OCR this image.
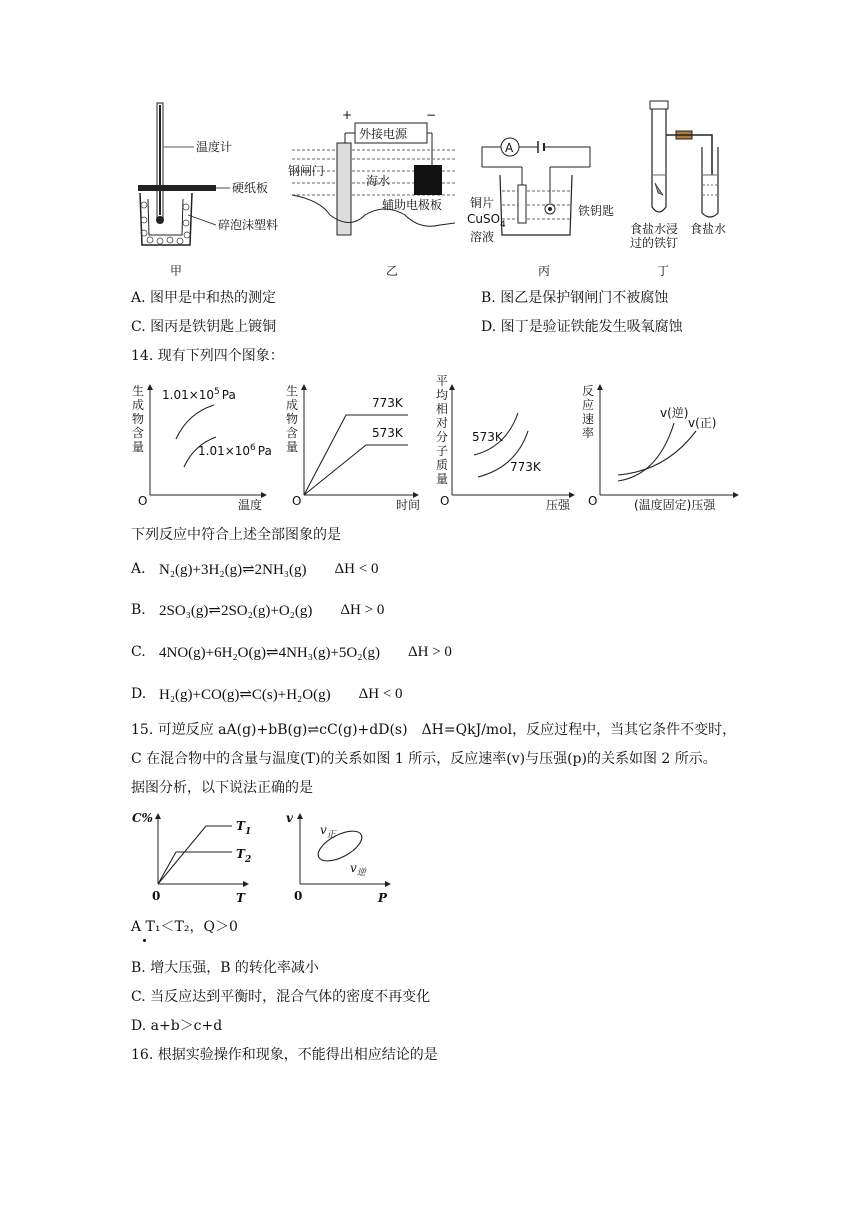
温度计
硬纸板
碎泡沫塑料
甲
外接电源
+	−
钢闸门
海水
辅助电极板
乙
A
铜片
CuSO$_4$
溶液
铁钥匙
丙
食盐水浸
过的铁钉
食盐水
丁
A. 图甲是中和热的测定	B. 图乙是保护钢闸门不被腐蚀
C. 图丙是铁钥匙上镀铜	D. 图丁是验证铁能发生吸氧腐蚀
14. 现有下列四个图象：
生成物含量
O	温度
$1.01\times 10^5$ Pa
$1.01\times 10^6$ Pa
生成物含量
O	时间
773K
573K
平均相对分子质量
O	压强
573K
773K
反应速率
O	(温度固定)压强
v(逆)
v(正)
下列反应中符合上述全部图象的是
A. N₂(g)+3H₂(g)⇌2NH₃(g) ΔH < 0
B. 2SO₃(g)⇌2SO₂(g)+O₂(g) ΔH > 0
C. 4NO(g)+6H₂O(g)⇌4NH₃(g)+5O₂(g) ΔH > 0
D. H₂(g)+CO(g)⇌C(s)+H₂O(g) ΔH < 0
15. 可逆反应 aA(g)+bB(g)⇌cC(g)+dD(s)　ΔH=QkJ/mol，反应过程中，当其它条件不变时，
C 在混合物中的含量与温度(T)的关系如图 1 所示，反应速率(v)与压强(p)的关系如图 2 所示。
据图分析，以下说法正确的是
C%
0	T
$T_1$
$T_2$
v
0	P
$v_正$
$v_逆$
A T₁＜T₂，Q＞0
B. 增大压强，B 的转化率减小
C. 当反应达到平衡时，混合气体的密度不再变化
D. a+b＞c+d
16. 根据实验操作和现象，不能得出相应结论的是
